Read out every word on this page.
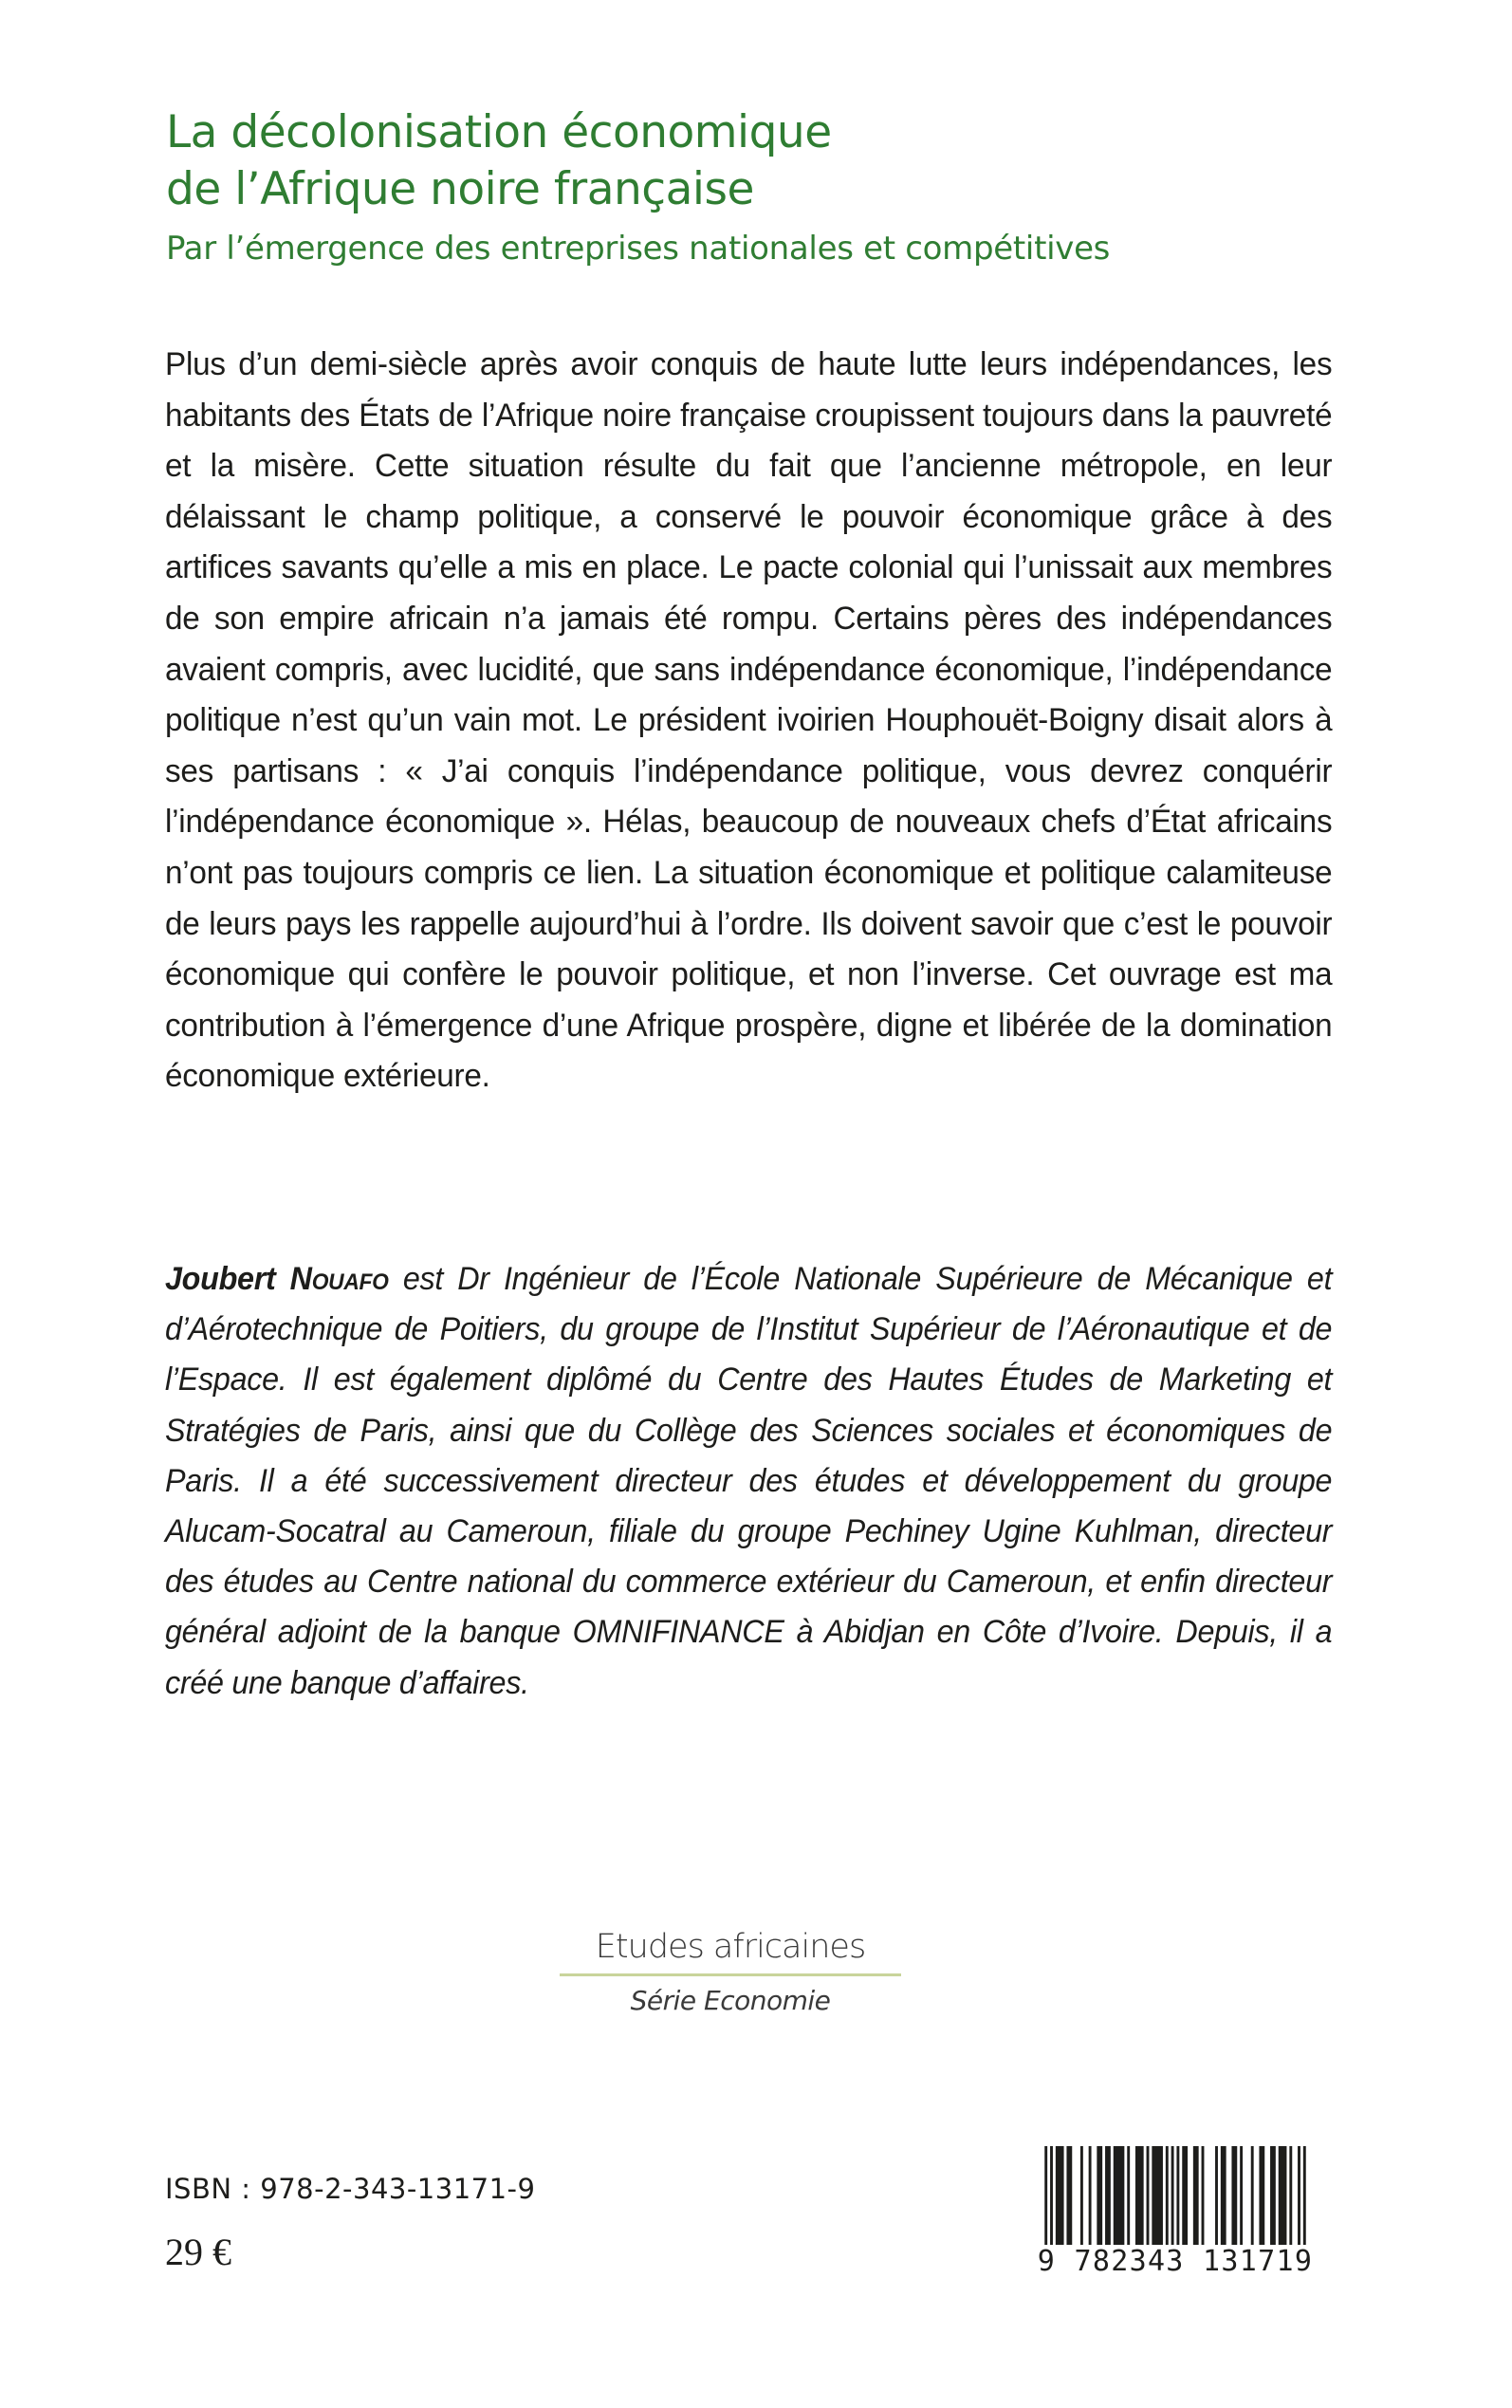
La décolonisation économique
de l’Afrique noire française
Par l’émergence des entreprises nationales et compétitives
Plus d’un demi-siècle après avoir conquis de haute lutte leurs indépendances, les habitants des États de l’Afrique noire française croupissent toujours dans la pauvreté et la misère. Cette situation résulte du fait que l’ancienne métropole, en leur délaissant le champ politique, a conservé le pouvoir économique grâce à des artifices savants qu’elle a mis en place. Le pacte colonial qui l’unissait aux membres de son empire africain n’a jamais été rompu. Certains pères des indépendances avaient compris, avec lucidité, que sans indépendance économique, l’indépendance politique n’est qu’un vain mot. Le président ivoirien Houphouët-Boigny disait alors à ses partisans : « J’ai conquis l’indépendance politique, vous devrez conquérir l’indépendance économique ». Hélas, beaucoup de nouveaux chefs d’État africains n’ont pas toujours compris ce lien. La situation économique et politique calamiteuse de leurs pays les rappelle aujourd’hui à l’ordre. Ils doivent savoir que c’est le pouvoir économique qui confère le pouvoir politique, et non l’inverse. Cet ouvrage est ma contribution à l’émergence d’une Afrique prospère, digne et libérée de la domination économique extérieure.
Joubert Nouafo est Dr Ingénieur de l’École Nationale Supérieure de Mécanique et d’Aérotechnique de Poitiers, du groupe de l’Institut Supérieur de l’Aéronautique et de l’Espace. Il est également diplômé du Centre des Hautes Études de Marketing et Stratégies de Paris, ainsi que du Collège des Sciences sociales et économiques de Paris. Il a été successivement directeur des études et développement du groupe Alucam-Socatral au Cameroun, filiale du groupe Pechiney Ugine Kuhlman, directeur des études au Centre national du commerce extérieur du Cameroun, et enfin directeur général adjoint de la banque OMNIFINANCE à Abidjan en Côte d’Ivoire. Depuis, il a créé une banque d’affaires.
Etudes africaines
Série Economie
ISBN : 978-2-343-13171-9
29 €	9 782343 131719
